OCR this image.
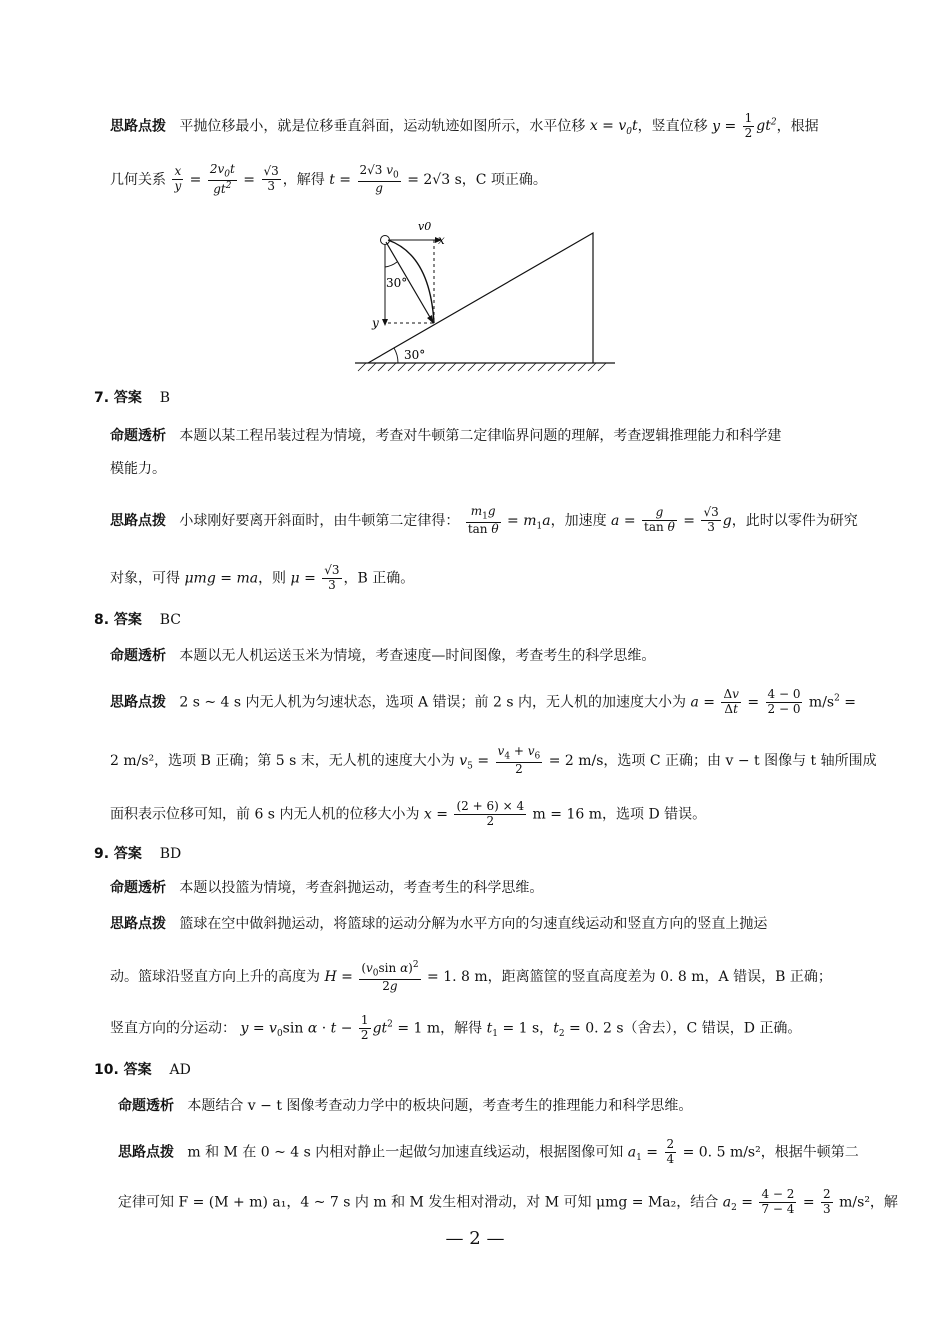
思路点拨 平抛位移最小，就是位移垂直斜面，运动轨迹如图所示，水平位移 $x = v_0t$，竖直位移 $y = \frac{1}{2} gt^2$，根据
几何关系 $\frac{x}{y} = \frac{2v_0t}{gt^2} = \frac{√3}{3}$ ，解得 $t = \frac{2√3 v_0}{g} = 2√3$ s，C 项正确。
30°
x
v0
y
30°
7. 答案 B
命题透析 本题以某工程吊装过程为情境，考查对牛顿第二定律临界问题的理解，考查逻辑推理能力和科学建
模能力。
思路点拨 小球刚好要离开斜面时，由牛顿第二定律得： $\frac{m_1g}{\text{tan θ}} = m_1a$，加速度 $a = \frac{g}{\text{tan θ}} = \frac{√3}{3}$ g，此时以零件为研究
对象，可得 μmg = ma，则 $\mu = \frac{√3}{3}$ ，B 正确。
8. 答案 BC
命题透析 本题以无人机运送玉米为情境，考查速度—时间图像，考查考生的科学思维。
思路点拨 2 s ~ 4 s 内无人机为匀速状态，选项 A 错误；前 2 s 内，无人机的加速度大小为 $a = \frac{\Delta v}{\Delta t} = \frac{4 - 0}{2 - 0} m/s^2$ =
2 m/s²，选项 B 正确；第 5 s 末，无人机的速度大小为 $v_5 = \frac{v_4 + v_6}{2} = 2$ m/s，选项 C 正确；由 v − t 图像与 t 轴所围成
面积表示位移可知，前 6 s 内无人机的位移大小为 $x = \frac{(2 + 6) \times 4}{2}$ m = 16 m，选项 D 错误。
9. 答案 BD
命题透析 本题以投篮为情境，考查斜抛运动，考查考生的科学思维。
思路点拨 篮球在空中做斜抛运动，将篮球的运动分解为水平方向的匀速直线运动和竖直方向的竖直上抛运
动。篮球沿竖直方向上升的高度为 $H = \frac{(v_0\sin \alpha)^2}{2g} = 1$. 8 m，距离篮筐的竖直高度差为 0. 8 m，A 错误，B 正确；
竖直方向的分运动： $y = v_0\sin$ $\alpha \cdot t - \frac{1}{2} gt^2 = 1$ m，解得 $t_1 = 1$ s，$t_2 = 0$. 2 s（舍去），C 错误，D 正确。
10. 答案 AD
命题透析 本题结合 v − t 图像考查动力学中的板块问题，考查考生的推理能力和科学思维。
思路点拨 m 和 M 在 0 ~ 4 s 内相对静止一起做匀加速直线运动，根据图像可知 $a_1 = \frac{2}{4} = 0$. 5 m/s²，根据牛顿第二
定律可知 F = (M + m) a₁，4 ~ 7 s 内 m 和 M 发生相对滑动，对 M 可知 μmg = Ma₂，结合 $a_2 = \frac{4 - 2}{7 - 4} = \frac{2}{3} m/s^2$，解
— 2 —
